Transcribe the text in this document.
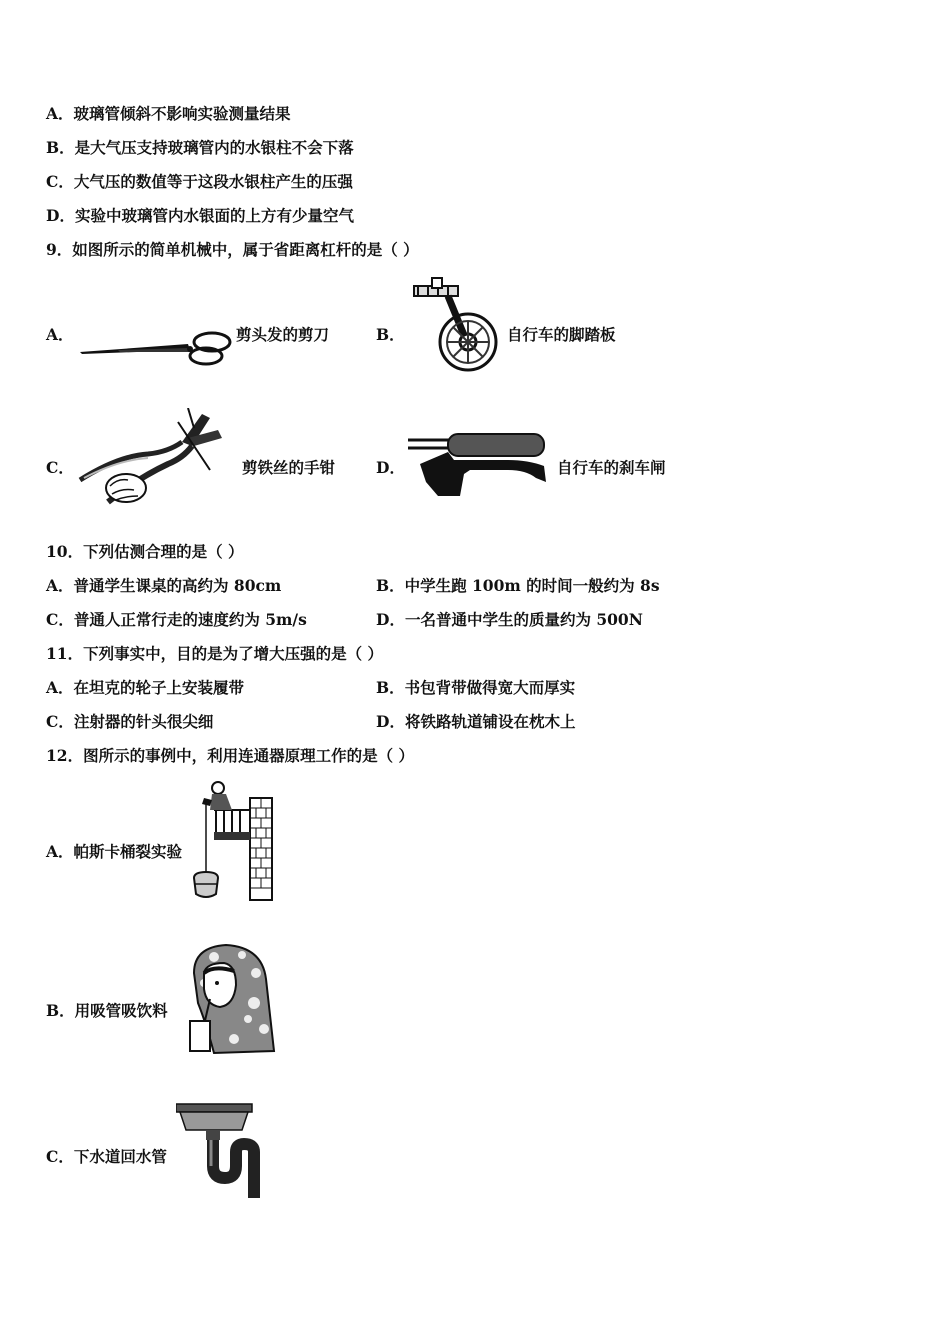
A．玻璃管倾斜不影响实验测量结果
B．是大气压支持玻璃管内的水银柱不会下落
C．大气压的数值等于这段水银柱产生的压强
D．实验中玻璃管内水银面的上方有少量空气
9．如图所示的简单机械中，属于省距离杠杆的是（ ）
A．	剪头发的剪刀	B．	自行车的脚踏板
C．	剪铁丝的手钳	D．	自行车的刹车闸
10．下列估测合理的是（ ）
A．普通学生课桌的高约为 80cm	B．中学生跑 100m 的时间一般约为 8s
C．普通人正常行走的速度约为 5m/s	D．一名普通中学生的质量约为 500N
11．下列事实中，目的是为了增大压强的是（ ）
A．在坦克的轮子上安装履带	B．书包背带做得宽大而厚实
C．注射器的针头很尖细	D．将铁路轨道铺设在枕木上
12．图所示的事例中，利用连通器原理工作的是（ ）
A．帕斯卡桶裂实验
B．用吸管吸饮料
C．下水道回水管
